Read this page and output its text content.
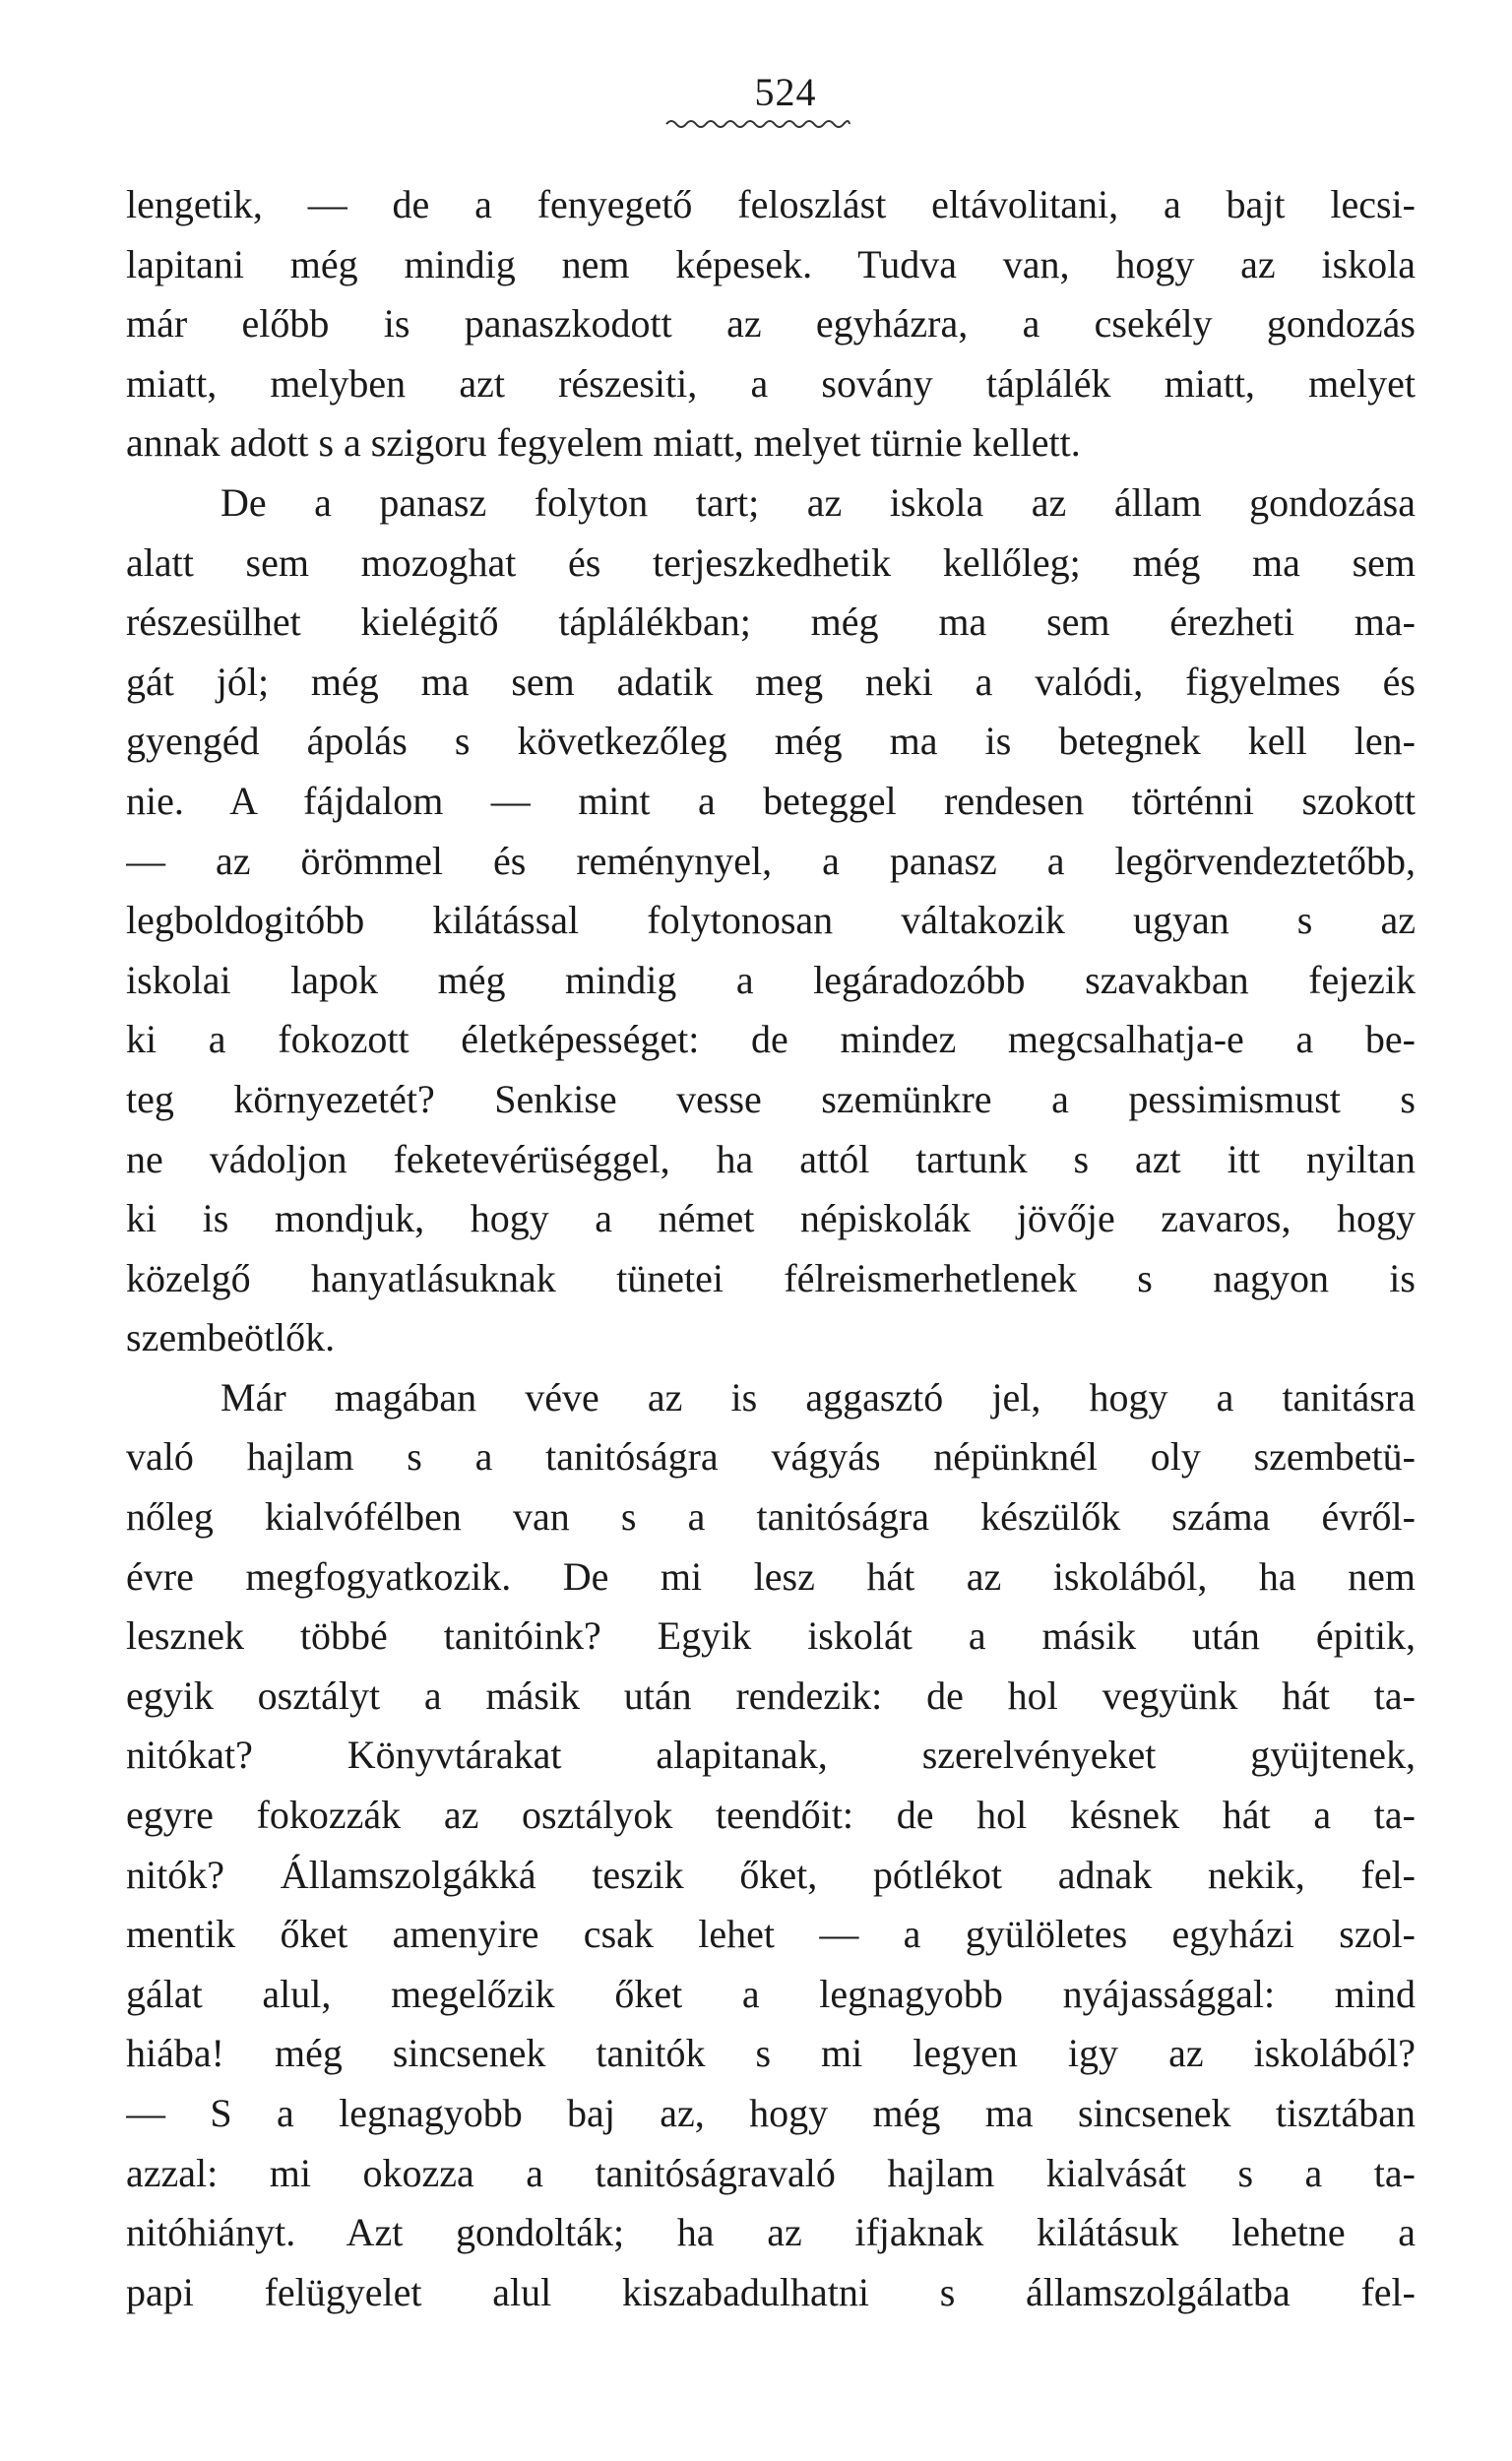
524
lengetik, — de a fenyegető feloszlást eltávolitani, a bajt lecsi-
lapitani még mindig nem képesek. Tudva van, hogy az iskola
már előbb is panaszkodott az egyházra, a csekély gondozás
miatt, melyben azt részesiti, a sovány táplálék miatt, melyet
annak adott s a szigoru fegyelem miatt, melyet türnie kellett.
De a panasz folyton tart; az iskola az állam gondozása
alatt sem mozoghat és terjeszkedhetik kellőleg; még ma sem
részesülhet kielégitő táplálékban; még ma sem érezheti ma-
gát jól; még ma sem adatik meg neki a valódi, figyelmes és
gyengéd ápolás s következőleg még ma is betegnek kell len-
nie. A fájdalom — mint a beteggel rendesen történni szokott
— az örömmel és reménynyel, a panasz a legörvendeztetőbb,
legboldogitóbb kilátással folytonosan váltakozik ugyan s az
iskolai lapok még mindig a legáradozóbb szavakban fejezik
ki a fokozott életképességet: de mindez megcsalhatja-e a be-
teg környezetét? Senkise vesse szemünkre a pessimismust s
ne vádoljon feketevérüséggel, ha attól tartunk s azt itt nyiltan
ki is mondjuk, hogy a német népiskolák jövője zavaros, hogy
közelgő hanyatlásuknak tünetei félreismerhetlenek s nagyon is
szembeötlők.
Már magában véve az is aggasztó jel, hogy a tanitásra
való hajlam s a tanitóságra vágyás népünknél oly szembetü-
nőleg kialvófélben van s a tanitóságra készülők száma évről-
évre megfogyatkozik. De mi lesz hát az iskolából, ha nem
lesznek többé tanitóink? Egyik iskolát a másik után épitik,
egyik osztályt a másik után rendezik: de hol vegyünk hát ta-
nitókat? Könyvtárakat alapitanak, szerelvényeket gyüjtenek,
egyre fokozzák az osztályok teendőit: de hol késnek hát a ta-
nitók? Államszolgákká teszik őket, pótlékot adnak nekik, fel-
mentik őket amenyire csak lehet — a gyülöletes egyházi szol-
gálat alul, megelőzik őket a legnagyobb nyájassággal: mind
hiába! még sincsenek tanitók s mi legyen igy az iskolából?
— S a legnagyobb baj az, hogy még ma sincsenek tisztában
azzal: mi okozza a tanitóságravaló hajlam kialvását s a ta-
nitóhiányt. Azt gondolták; ha az ifjaknak kilátásuk lehetne a
papi felügyelet alul kiszabadulhatni s államszolgálatba fel-
